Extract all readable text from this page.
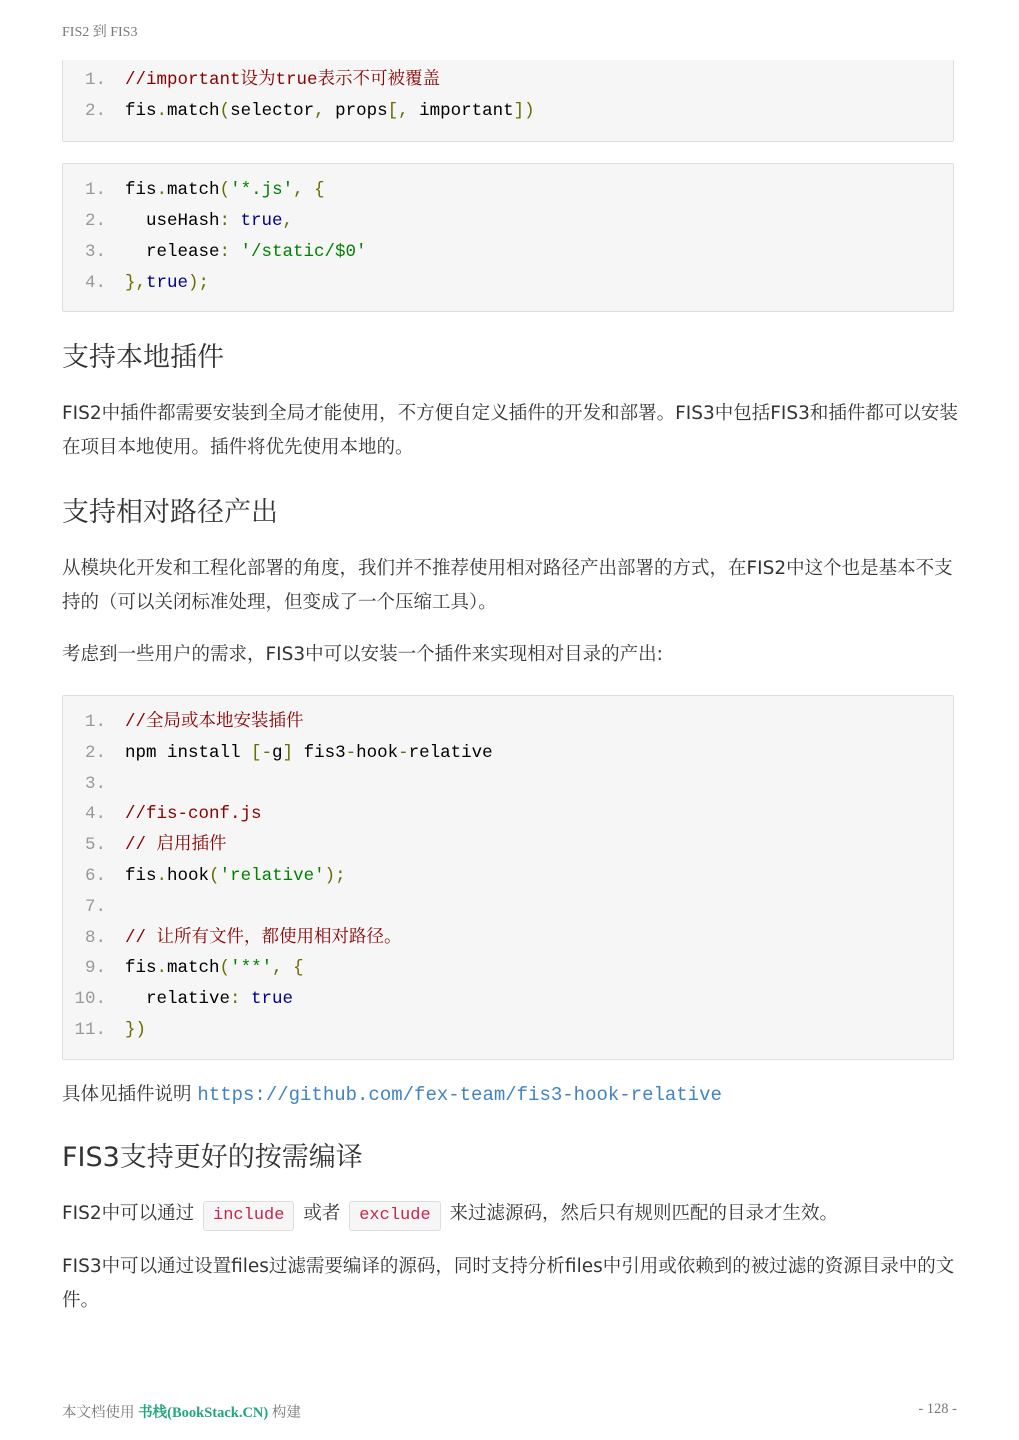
FIS2 到 FIS3
1. //important设为true表示不可被覆盖
2. fis.match(selector, props[, important])
1. fis.match('*.js', {
2. useHash: true,
3. release: '/static/$0'
4. },true);
支持本地插件

FIS2中插件都需要安装到全局才能使用，不方便自定义插件的开发和部署。FIS3中包括FIS3和插件都可以安装在项目本地使用。插件将优先使用本地的。

支持相对路径产出

从模块化开发和工程化部署的角度，我们并不推荐使用相对路径产出部署的方式，在FIS2中这个也是基本不支持的（可以关闭标准处理，但变成了一个压缩工具）。

考虑到一些用户的需求，FIS3中可以安装一个插件来实现相对目录的产出:

1. //全局或本地安装插件
2. npm install [-g] fis3-hook-relative
3.
4. //fis-conf.js
5. // 启用插件
6. fis.hook('relative');
7.
8. // 让所有文件，都使用相对路径。
9. fis.match('**', {
10. relative: true
11. })

具体见插件说明 https://github.com/fex-team/fis3-hook-relative

FIS3支持更好的按需编译

FIS2中可以通过 include 或者 exclude 来过滤源码，然后只有规则匹配的目录才生效。

FIS3中可以通过设置files过滤需要编译的源码，同时支持分析files中引用或依赖到的被过滤的资源目录中的文件。

本文档使用 书栈(BookStack.CN) 构建	- 128 -
